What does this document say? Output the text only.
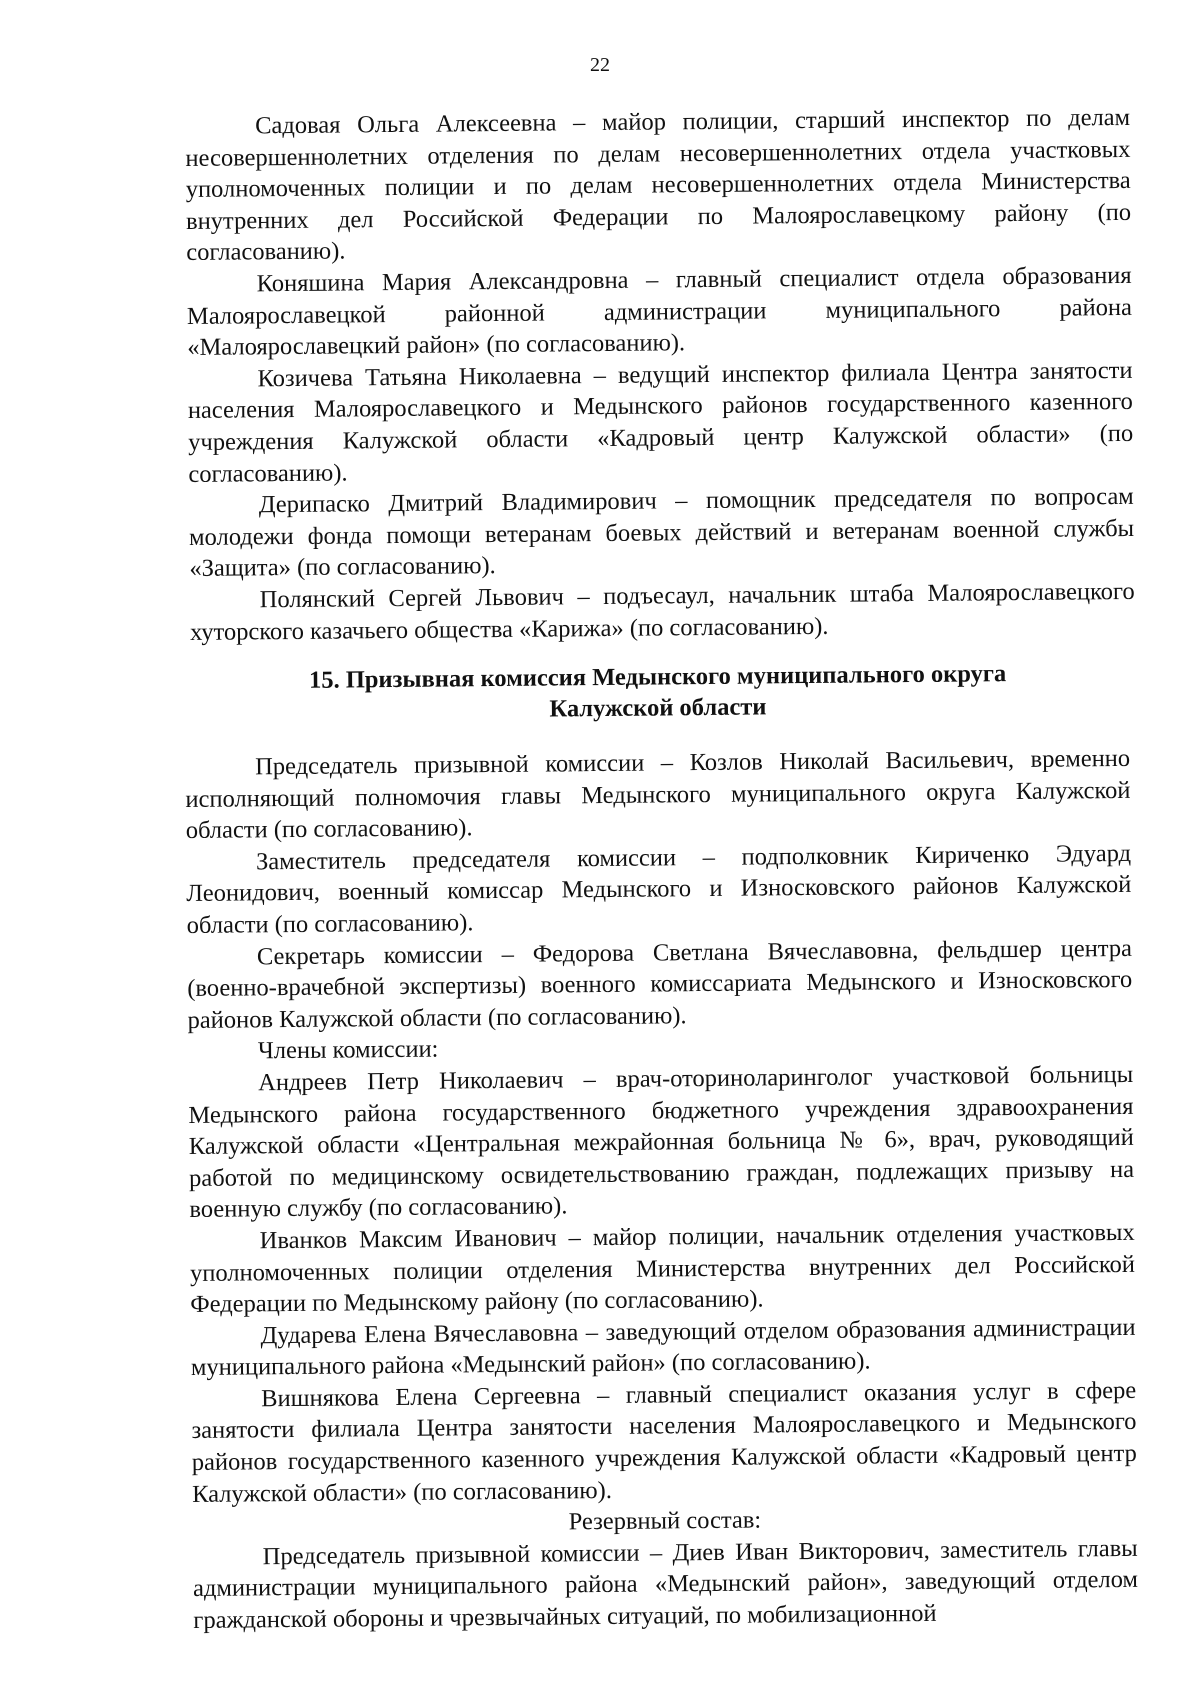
22

Садовая Ольга Алексеевна – майор полиции, старший инспектор по делам несовершеннолетних отделения по делам несовершеннолетних отдела участковых уполномоченных полиции и по делам несовершеннолетних отдела Министерства внутренних дел Российской Федерации по Малоярославецкому району (по согласованию).

Коняшина Мария Александровна – главный специалист отдела образования Малоярославецкой районной администрации муниципального района «Малоярославецкий район» (по согласованию).

Козичева Татьяна Николаевна – ведущий инспектор филиала Центра занятости населения Малоярославецкого и Медынского районов государственного казенного учреждения Калужской области «Кадровый центр Калужской области» (по согласованию).

Дерипаско Дмитрий Владимирович – помощник председателя по вопросам молодежи фонда помощи ветеранам боевых действий и ветеранам военной службы «Защита» (по согласованию).

Полянский Сергей Львович – подъесаул, начальник штаба Малоярославецкого хуторского казачьего общества «Карижа» (по согласованию).

15. Призывная комиссия Медынского муниципального округа
Калужской области

Председатель призывной комиссии – Козлов Николай Васильевич, временно исполняющий полномочия главы Медынского муниципального округа Калужской области (по согласованию).

Заместитель председателя комиссии – подполковник Кириченко Эдуард Леонидович, военный комиссар Медынского и Износковского районов Калужской области (по согласованию).

Секретарь комиссии – Федорова Светлана Вячеславовна, фельдшер центра (военно-врачебной экспертизы) военного комиссариата Медынского и Износковского районов Калужской области (по согласованию).

Члены комиссии:

Андреев Петр Николаевич – врач-оториноларинголог участковой больницы Медынского района государственного бюджетного учреждения здравоохранения Калужской области «Центральная межрайонная больница № 6», врач, руководящий работой по медицинскому освидетельствованию граждан, подлежащих призыву на военную службу (по согласованию).

Иванков Максим Иванович – майор полиции, начальник отделения участковых уполномоченных полиции отделения Министерства внутренних дел Российской Федерации по Медынскому району (по согласованию).

Дударева Елена Вячеславовна – заведующий отделом образования администрации муниципального района «Медынский район» (по согласованию).

Вишнякова Елена Сергеевна – главный специалист оказания услуг в сфере занятости филиала Центра занятости населения Малоярославецкого и Медынского районов государственного казенного учреждения Калужской области «Кадровый центр Калужской области» (по согласованию).

Резервный состав:

Председатель призывной комиссии – Диев Иван Викторович, заместитель главы администрации муниципального района «Медынский район», заведующий отделом гражданской обороны и чрезвычайных ситуаций, по мобилизационной
